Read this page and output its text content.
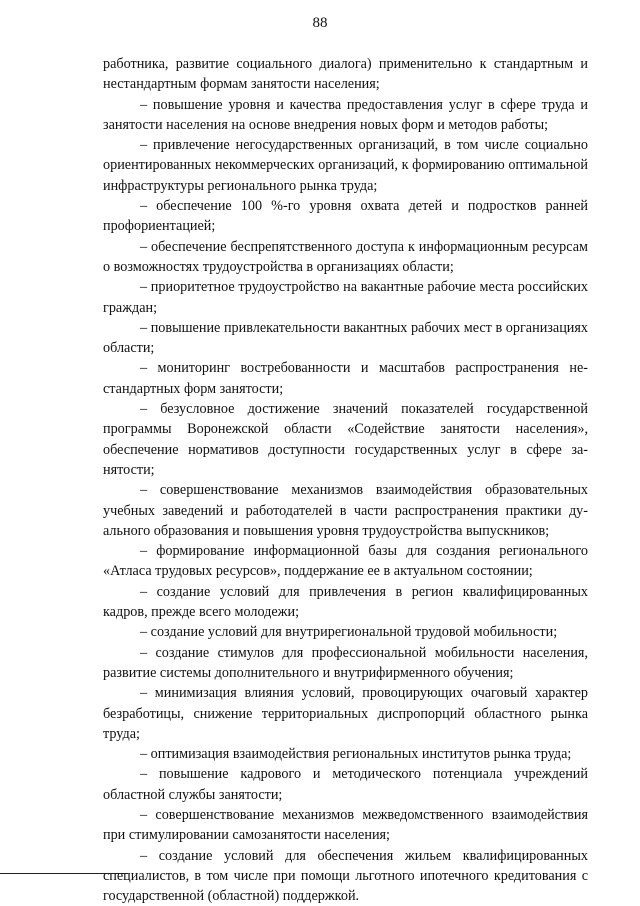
88

работника, развитие социального диалога) применительно к стандартным и нестандартным формам занятости населения;

– повышение уровня и качества предоставления услуг в сфере труда и занятости населения на основе внедрения новых форм и методов работы;

– привлечение негосударственных организаций, в том числе социально ориентированных некоммерческих организаций, к формированию оптимальной инфраструктуры регионального рынка труда;

– обеспечение 100 %-го уровня охвата детей и подростков ранней профориентацией;

– обеспечение беспрепятственного доступа к информационным ресурсам о возможностях трудоустройства в организациях области;

– приоритетное трудоустройство на вакантные рабочие места российских граждан;

– повышение привлекательности вакантных рабочих мест в организациях области;

– мониторинг востребованности и масштабов распространения нестандартных форм занятости;

– безусловное достижение значений показателей государственной программы Воронежской области «Содействие занятости населения», обеспечение нормативов доступности государственных услуг в сфере занятости;

– совершенствование механизмов взаимодействия образовательных учебных заведений и работодателей в части распространения практики дуального образования и повышения уровня трудоустройства выпускников;

– формирование информационной базы для создания регионального «Атласа трудовых ресурсов», поддержание ее в актуальном состоянии;

– создание условий для привлечения в регион квалифицированных кадров, прежде всего молодежи;

– создание условий для внутрирегиональной трудовой мобильности;

– создание стимулов для профессиональной мобильности населения, развитие системы дополнительного и внутрифирменного обучения;

– минимизация влияния условий, провоцирующих очаговый характер безработицы, снижение территориальных диспропорций областного рынка труда;

– оптимизация взаимодействия региональных институтов рынка труда;

– повышение кадрового и методического потенциала учреждений областной службы занятости;

– совершенствование механизмов межведомственного взаимодействия при стимулировании самозанятости населения;

– создание условий для обеспечения жильем квалифицированных специалистов, в том числе при помощи льготного ипотечного кредитования с государственной (областной) поддержкой.
